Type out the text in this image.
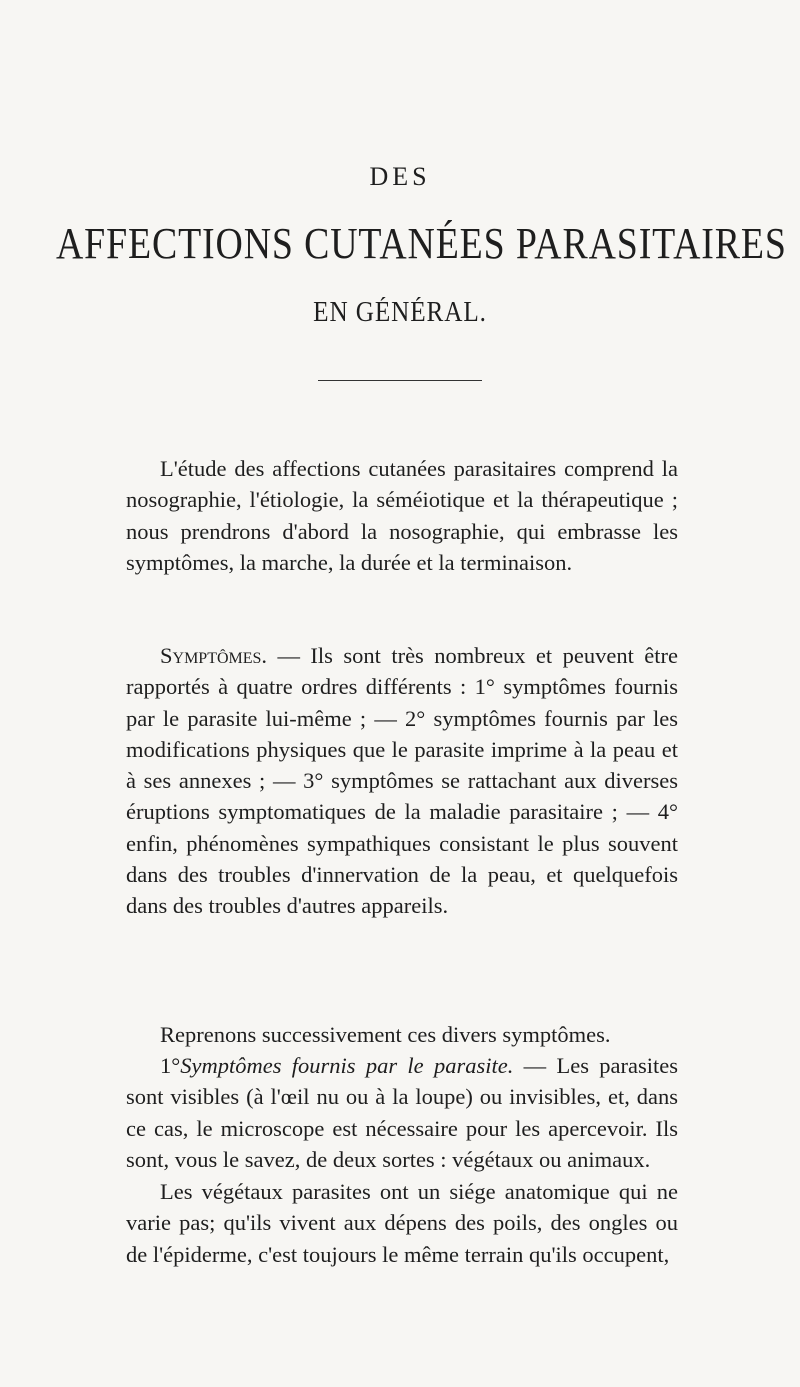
DES
AFFECTIONS CUTANÉES PARASITAIRES
EN GÉNÉRAL.

L'étude des affections cutanées parasitaires comprend la nosographie, l'étiologie, la séméiotique et la thérapeutique ; nous prendrons d'abord la nosographie, qui embrasse les symptômes, la marche, la durée et la terminaison.

Symptômes. — Ils sont très nombreux et peuvent être rapportés à quatre ordres différents : 1° symptômes fournis par le parasite lui-même ; — 2° symptômes fournis par les modifications physiques que le parasite imprime à la peau et à ses annexes ; — 3° symptômes se rattachant aux diverses éruptions symptomatiques de la maladie parasitaire ; — 4° enfin, phénomènes sympathiques consistant le plus souvent dans des troubles d'innervation de la peau, et quelquefois dans des troubles d'autres appareils.

Reprenons successivement ces divers symptômes.

1°Symptômes fournis par le parasite. — Les parasites sont visibles (à l'œil nu ou à la loupe) ou invisibles, et, dans ce cas, le microscope est nécessaire pour les apercevoir. Ils sont, vous le savez, de deux sortes : végétaux ou animaux.

Les végétaux parasites ont un siége anatomique qui ne varie pas; qu'ils vivent aux dépens des poils, des ongles ou de l'épiderme, c'est toujours le même terrain qu'ils occupent,
